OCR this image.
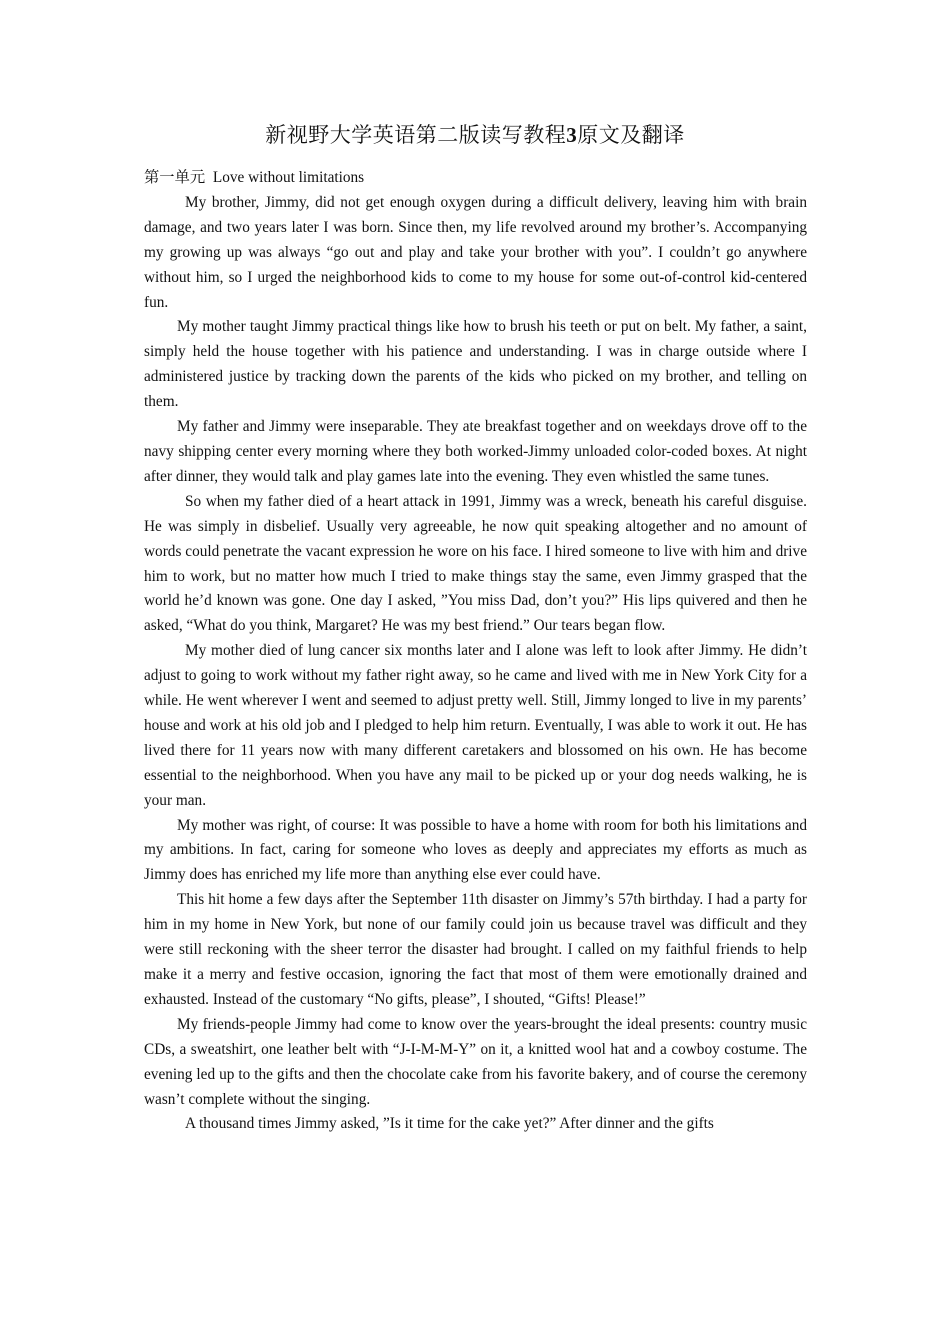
新视野大学英语第二版读写教程3原文及翻译

第一单元 Love without limitations

My brother, Jimmy, did not get enough oxygen during a difficult delivery, leaving him with brain damage, and two years later I was born. Since then, my life revolved around my brother’s. Accompanying my growing up was always “go out and play and take your brother with you”. I couldn’t go anywhere without him, so I urged the neighborhood kids to come to my house for some out-of-control kid-centered fun.

My mother taught Jimmy practical things like how to brush his teeth or put on belt. My father, a saint, simply held the house together with his patience and understanding. I was in charge outside where I administered justice by tracking down the parents of the kids who picked on my brother, and telling on them.

My father and Jimmy were inseparable. They ate breakfast together and on weekdays drove off to the navy shipping center every morning where they both worked-Jimmy unloaded color-coded boxes. At night after dinner, they would talk and play games late into the evening. They even whistled the same tunes.

So when my father died of a heart attack in 1991, Jimmy was a wreck, beneath his careful disguise. He was simply in disbelief. Usually very agreeable, he now quit speaking altogether and no amount of words could penetrate the vacant expression he wore on his face. I hired someone to live with him and drive him to work, but no matter how much I tried to make things stay the same, even Jimmy grasped that the world he’d known was gone. One day I asked, ”You miss Dad, don’t you?” His lips quivered and then he asked, “What do you think, Margaret? He was my best friend.” Our tears began flow.

My mother died of lung cancer six months later and I alone was left to look after Jimmy. He didn’t adjust to going to work without my father right away, so he came and lived with me in New York City for a while. He went wherever I went and seemed to adjust pretty well. Still, Jimmy longed to live in my parents’ house and work at his old job and I pledged to help him return. Eventually, I was able to work it out. He has lived there for 11 years now with many different caretakers and blossomed on his own. He has become essential to the neighborhood. When you have any mail to be picked up or your dog needs walking, he is your man.

My mother was right, of course: It was possible to have a home with room for both his limitations and my ambitions. In fact, caring for someone who loves as deeply and appreciates my efforts as much as Jimmy does has enriched my life more than anything else ever could have.

This hit home a few days after the September 11th disaster on Jimmy’s 57th birthday. I had a party for him in my home in New York, but none of our family could join us because travel was difficult and they were still reckoning with the sheer terror the disaster had brought. I called on my faithful friends to help make it a merry and festive occasion, ignoring the fact that most of them were emotionally drained and exhausted. Instead of the customary “No gifts, please”, I shouted, “Gifts! Please!”

My friends-people Jimmy had come to know over the years-brought the ideal presents: country music CDs, a sweatshirt, one leather belt with “J-I-M-M-Y” on it, a knitted wool hat and a cowboy costume. The evening led up to the gifts and then the chocolate cake from his favorite bakery, and of course the ceremony wasn’t complete without the singing.

A thousand times Jimmy asked, ”Is it time for the cake yet?” After dinner and the gifts
